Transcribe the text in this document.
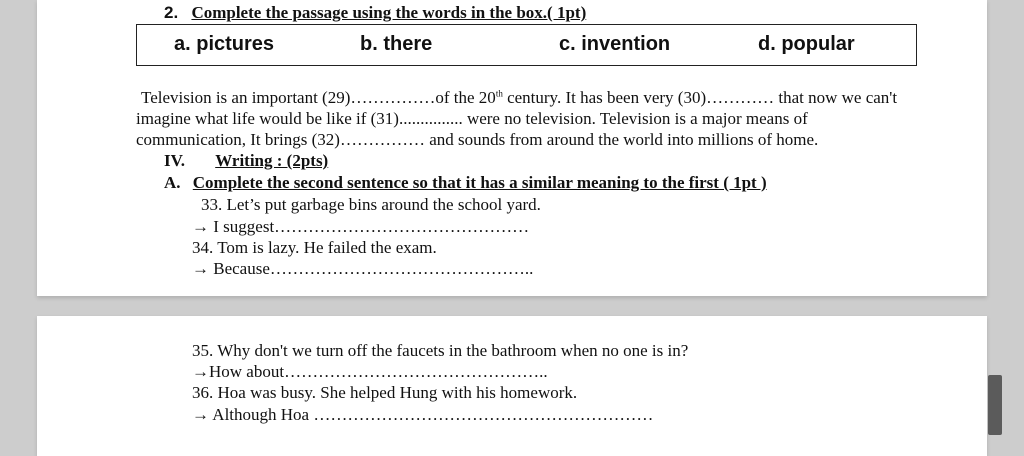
2. Complete the passage using the words in the box.( 1pt)
a. pictures	b. there	c. invention	d. popular
Television is an important (29)……………of the 20th century. It has been very (30)………… that now we can't
imagine what life would be like if (31)............... were no television. Television is a major means of
communication, It brings (32)…………… and sounds from around the world into millions of home.
IV. Writing : (2pts)
A. Complete the second sentence so that it has a similar meaning to the first ( 1pt )
33. Let’s put garbage bins around the school yard.
→ I suggest………………………………………
34. Tom is lazy. He failed the exam.
→ Because………………………………………..
35. Why don't we turn off the faucets in the bathroom when no one is in?
→How about………………………………………..
36. Hoa was busy. She helped Hung with his homework.
→ Although Hoa ……………………………………………………
